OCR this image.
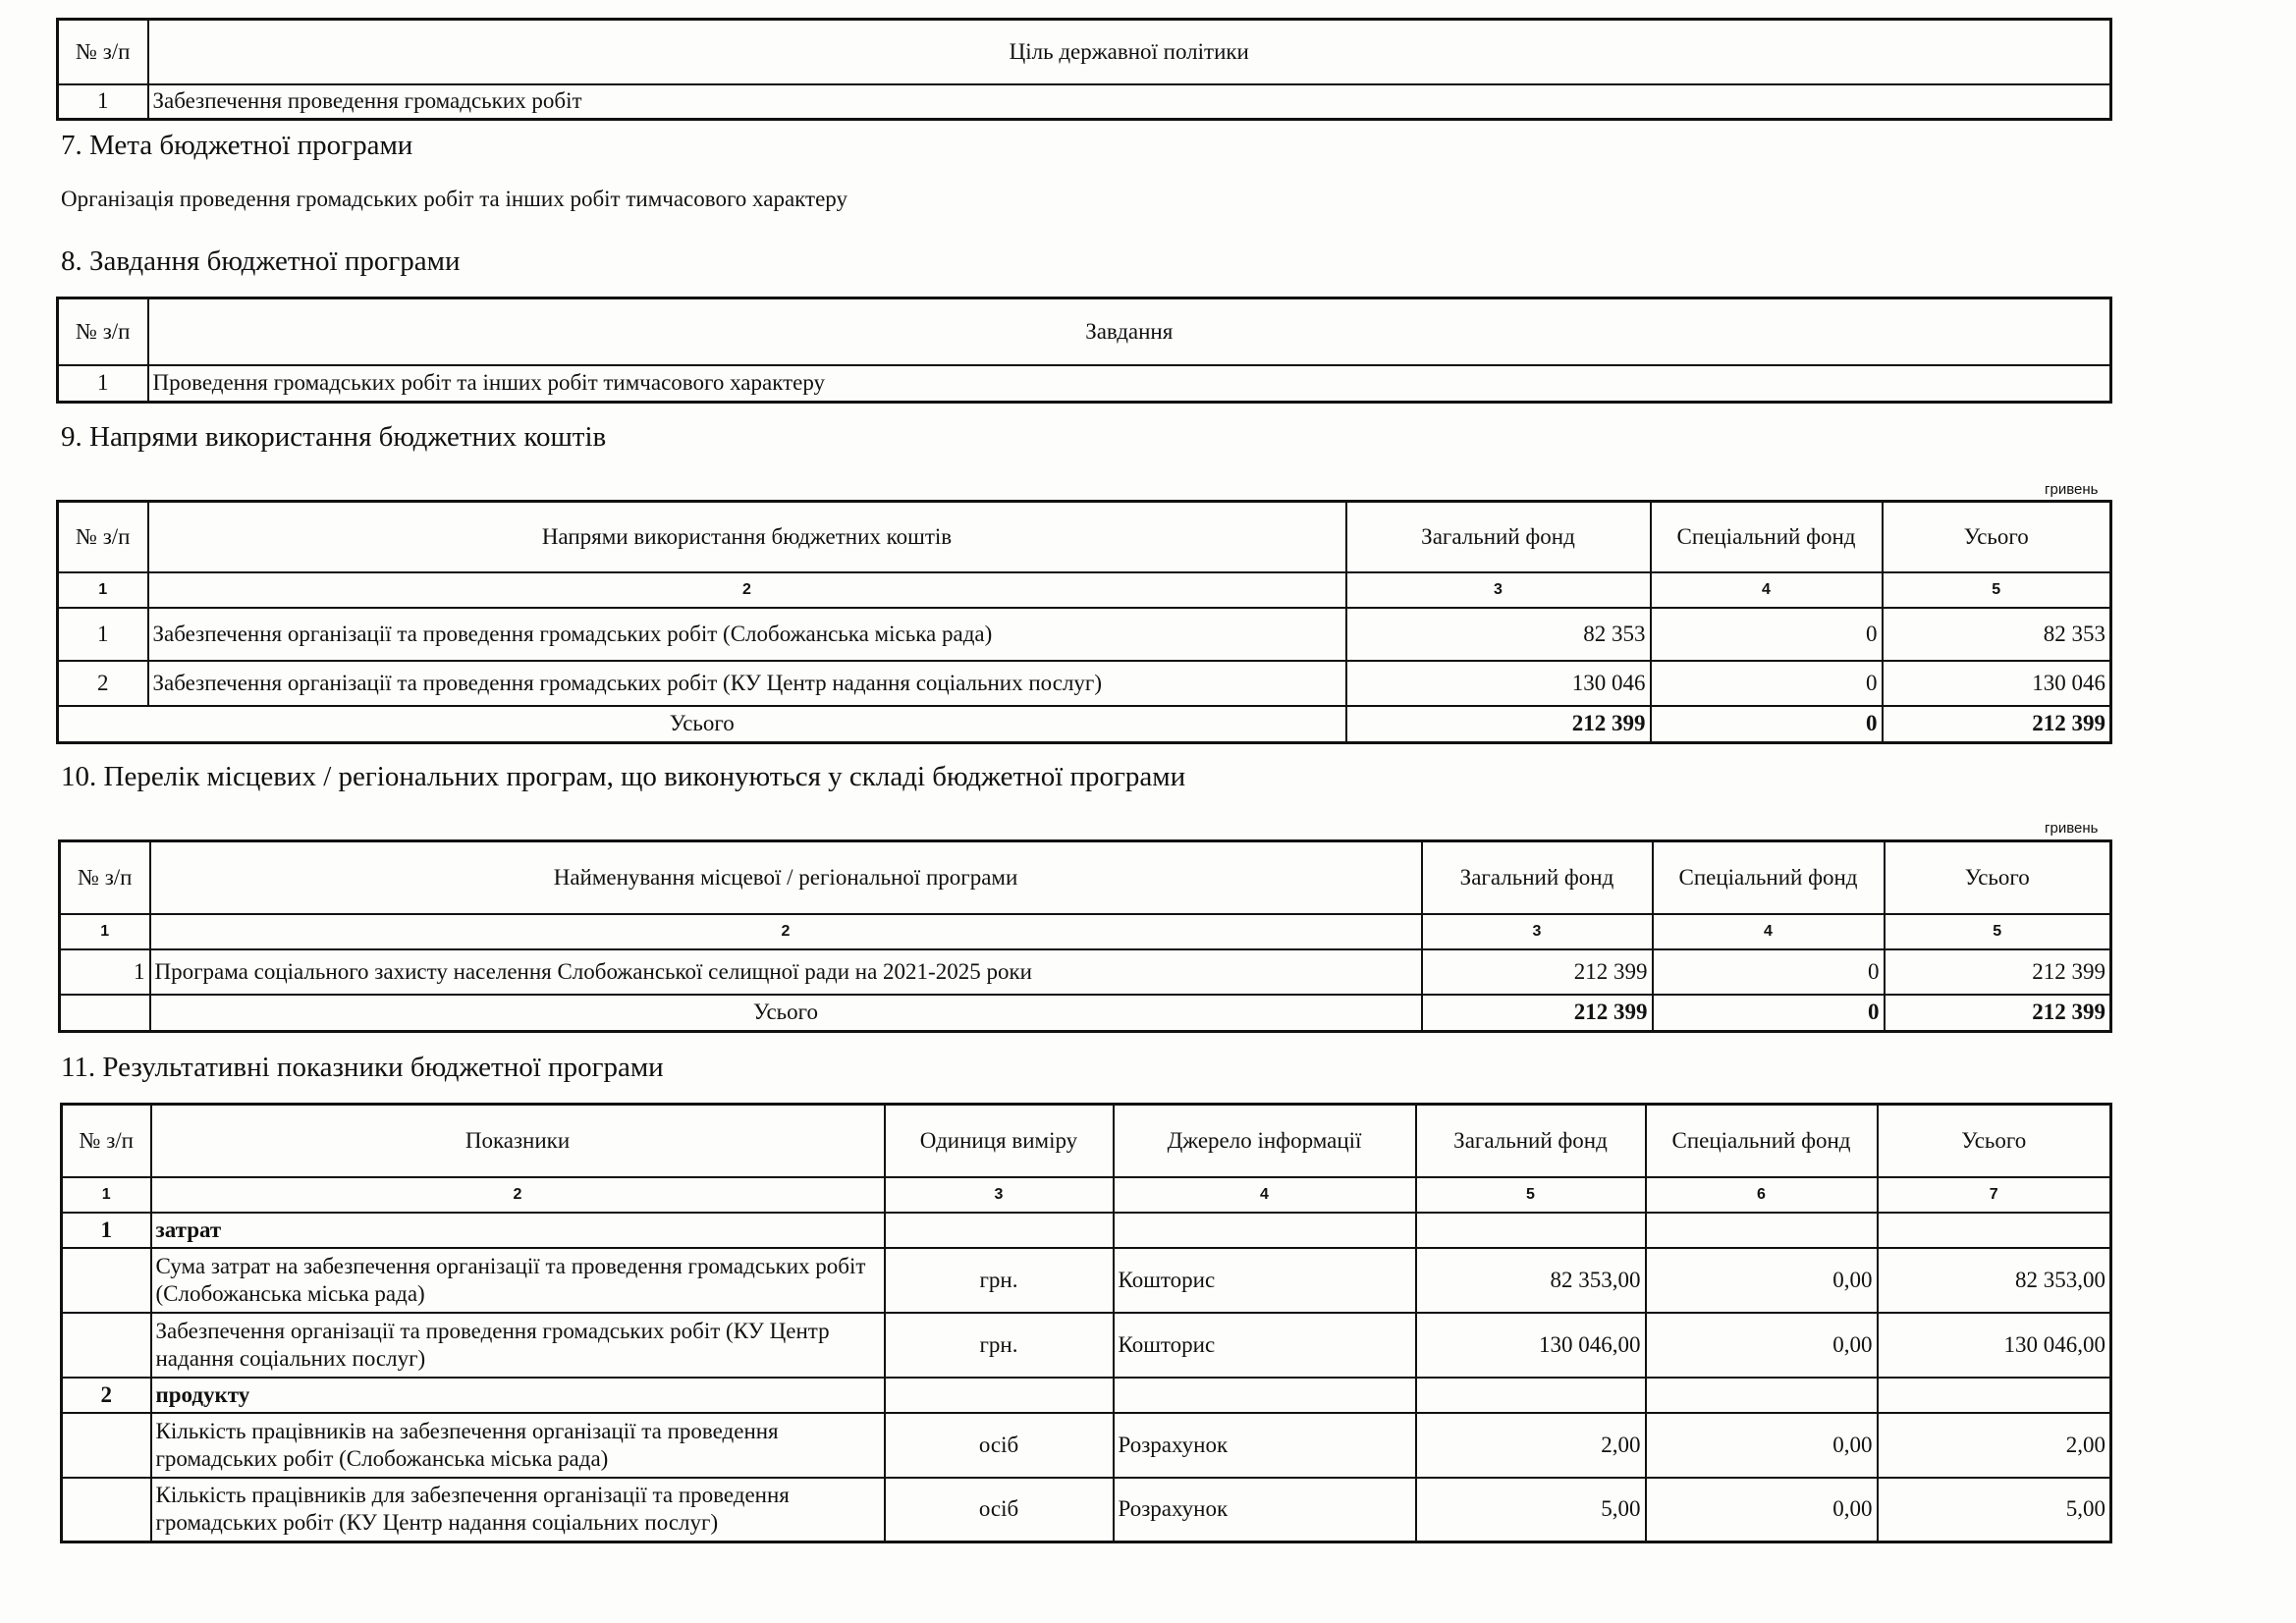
№ з/п	Ціль державної політики
1	Забезпечення проведення громадських робіт
7. Мета бюджетної програми
Організація проведення громадських робіт та інших робіт тимчасового характеру
8. Завдання бюджетної програми
№ з/п	Завдання
1	Проведення громадських робіт та інших робіт тимчасового характеру
9. Напрями використання бюджетних коштів
гривень
№ з/п	Напрями використання бюджетних коштів	Загальний фонд	Спеціальний фонд	Усього
1	2	3	4	5
1	Забезпечення організації та проведення громадських робіт (Слобожанська міська рада)	82 353	0	82 353
2	Забезпечення організації та проведення громадських робіт (КУ Центр надання соціальних послуг)	130 046	0	130 046
Усього		212 399	0	212 399
10. Перелік місцевих / регіональних програм, що виконуються у складі бюджетної програми
гривень
№ з/п	Найменування місцевої / регіональної програми	Загальний фонд	Спеціальний фонд	Усього
1	2	3	4	5
1	Програма соціального захисту населення Слобожанської селищної ради на 2021-2025 роки	212 399	0	212 399
	Усього	212 399	0	212 399
11. Результативні показники бюджетної програми
№ з/п	Показники	Одиниця виміру	Джерело інформації	Загальний фонд	Спеціальний фонд	Усього
1	2	3	4	5	6	7
1	затрат					
	Сума затрат на забезпечення організації та проведення громадських робіт (Слобожанська міська рада)	грн.	Кошторис	82 353,00	0,00	82 353,00
	Забезпечення організації та проведення громадських робіт (КУ Центр надання соціальних послуг)	грн.	Кошторис	130 046,00	0,00	130 046,00
2	продукту					
	Кількість працівників на забезпечення організації та проведення громадських робіт (Слобожанська міська рада)	осіб	Розрахунок	2,00	0,00	2,00
	Кількість працівників для забезпечення організації та проведення громадських робіт (КУ Центр надання соціальних послуг)	осіб	Розрахунок	5,00	0,00	5,00
